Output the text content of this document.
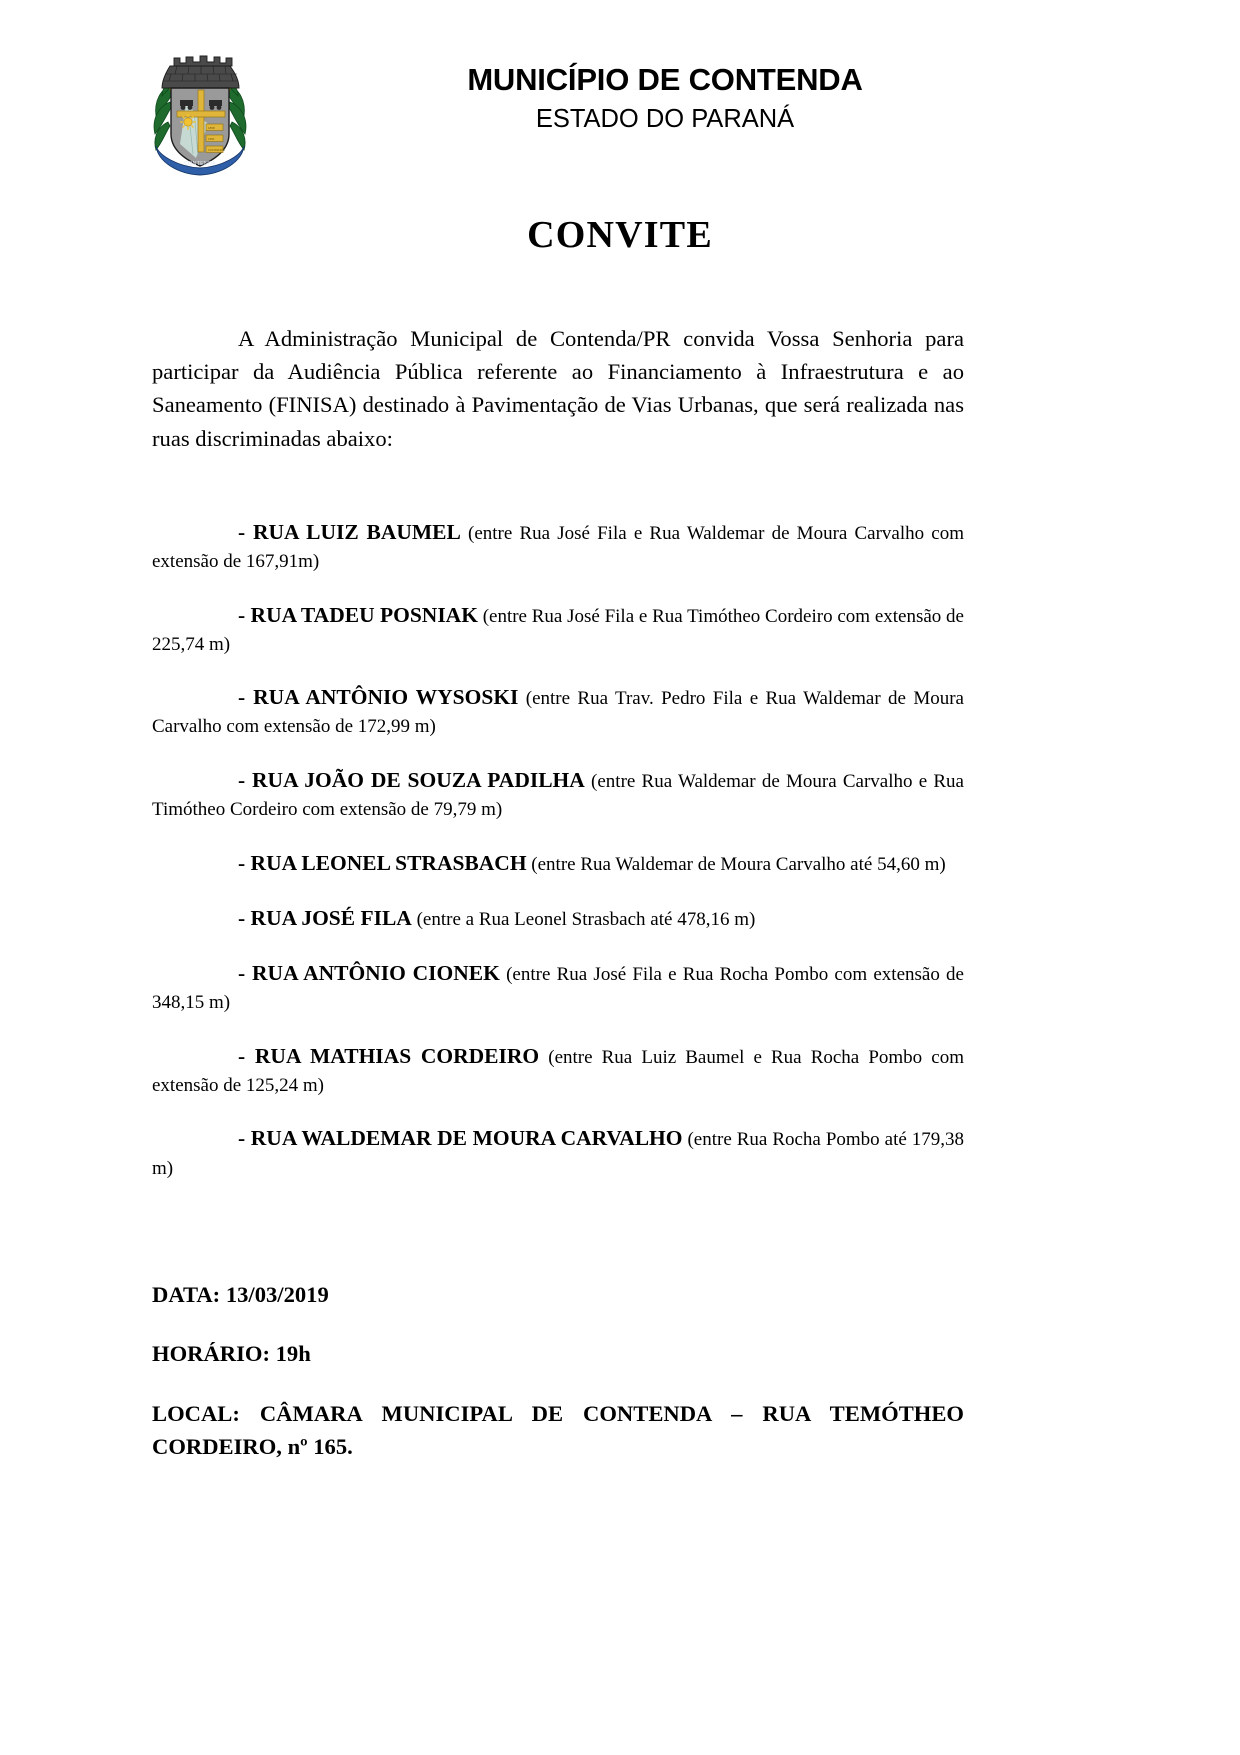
1858
1951
CONTENDA
CONTENDA
MUNICÍPIO DE CONTENDA
ESTADO DO PARANÁ
CONVITE

A Administração Municipal de Contenda/PR convida Vossa Senhoria para participar da Audiência Pública referente ao Financiamento à Infraestrutura e ao Saneamento (FINISA) destinado à Pavimentação de Vias Urbanas, que será realizada nas ruas discriminadas abaixo:

- RUA LUIZ BAUMEL (entre Rua José Fila e Rua Waldemar de Moura Carvalho com extensão de 167,91m)

- RUA TADEU POSNIAK (entre Rua José Fila e Rua Timótheo Cordeiro com extensão de 225,74 m)

- RUA ANTÔNIO WYSOSKI (entre Rua Trav. Pedro Fila e Rua Waldemar de Moura Carvalho com extensão de 172,99 m)

- RUA JOÃO DE SOUZA PADILHA (entre Rua Waldemar de Moura Carvalho e Rua Timótheo Cordeiro com extensão de 79,79 m)

- RUA LEONEL STRASBACH (entre Rua Waldemar de Moura Carvalho até 54,60 m)

- RUA JOSÉ FILA (entre a Rua Leonel Strasbach até 478,16 m)

- RUA ANTÔNIO CIONEK (entre Rua José Fila e Rua Rocha Pombo com extensão de 348,15 m)

- RUA MATHIAS CORDEIRO (entre Rua Luiz Baumel e Rua Rocha Pombo com extensão de 125,24 m)

- RUA WALDEMAR DE MOURA CARVALHO (entre Rua Rocha Pombo até 179,38 m)

DATA: 13/03/2019

HORÁRIO: 19h

LOCAL: CÂMARA MUNICIPAL DE CONTENDA – RUA TEMÓTHEO CORDEIRO, nº 165.
